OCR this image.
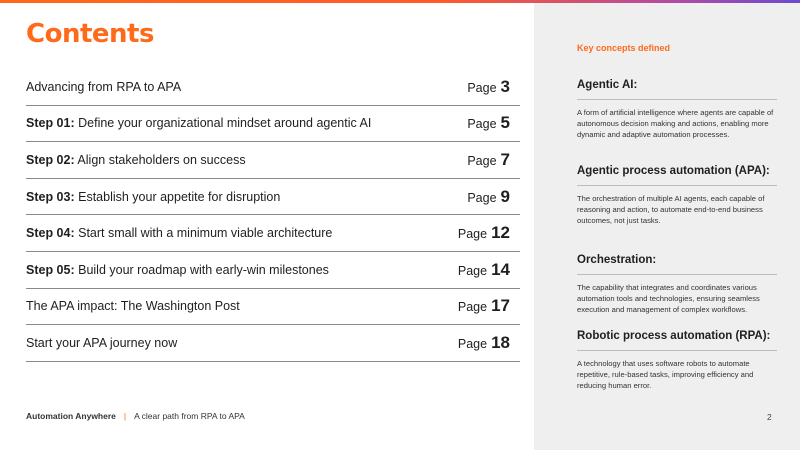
Contents
Advancing from RPA to APA	Page 3
Step 01: Define your organizational mindset around agentic AI	Page 5
Step 02: Align stakeholders on success	Page 7
Step 03: Establish your appetite for disruption	Page 9
Step 04: Start small with a minimum viable architecture	Page 12
Step 05: Build your roadmap with early-win milestones	Page 14
The APA impact: The Washington Post	Page 17
Start your APA journey now	Page 18
Automation Anywhere | A clear path from RPA to APA	2
Key concepts defined
Agentic AI:

A form of artificial intelligence where agents are capable of autonomous decision making and actions, enabling more dynamic and adaptive automation processes.

Agentic process automation (APA):

The orchestration of multiple AI agents, each capable of reasoning and action, to automate end-to-end business outcomes, not just tasks.

Orchestration:

The capability that integrates and coordinates various automation tools and technologies, ensuring seamless execution and management of complex workflows.

Robotic process automation (RPA):

A technology that uses software robots to automate repetitive, rule-based tasks, improving efficiency and reducing human error.
